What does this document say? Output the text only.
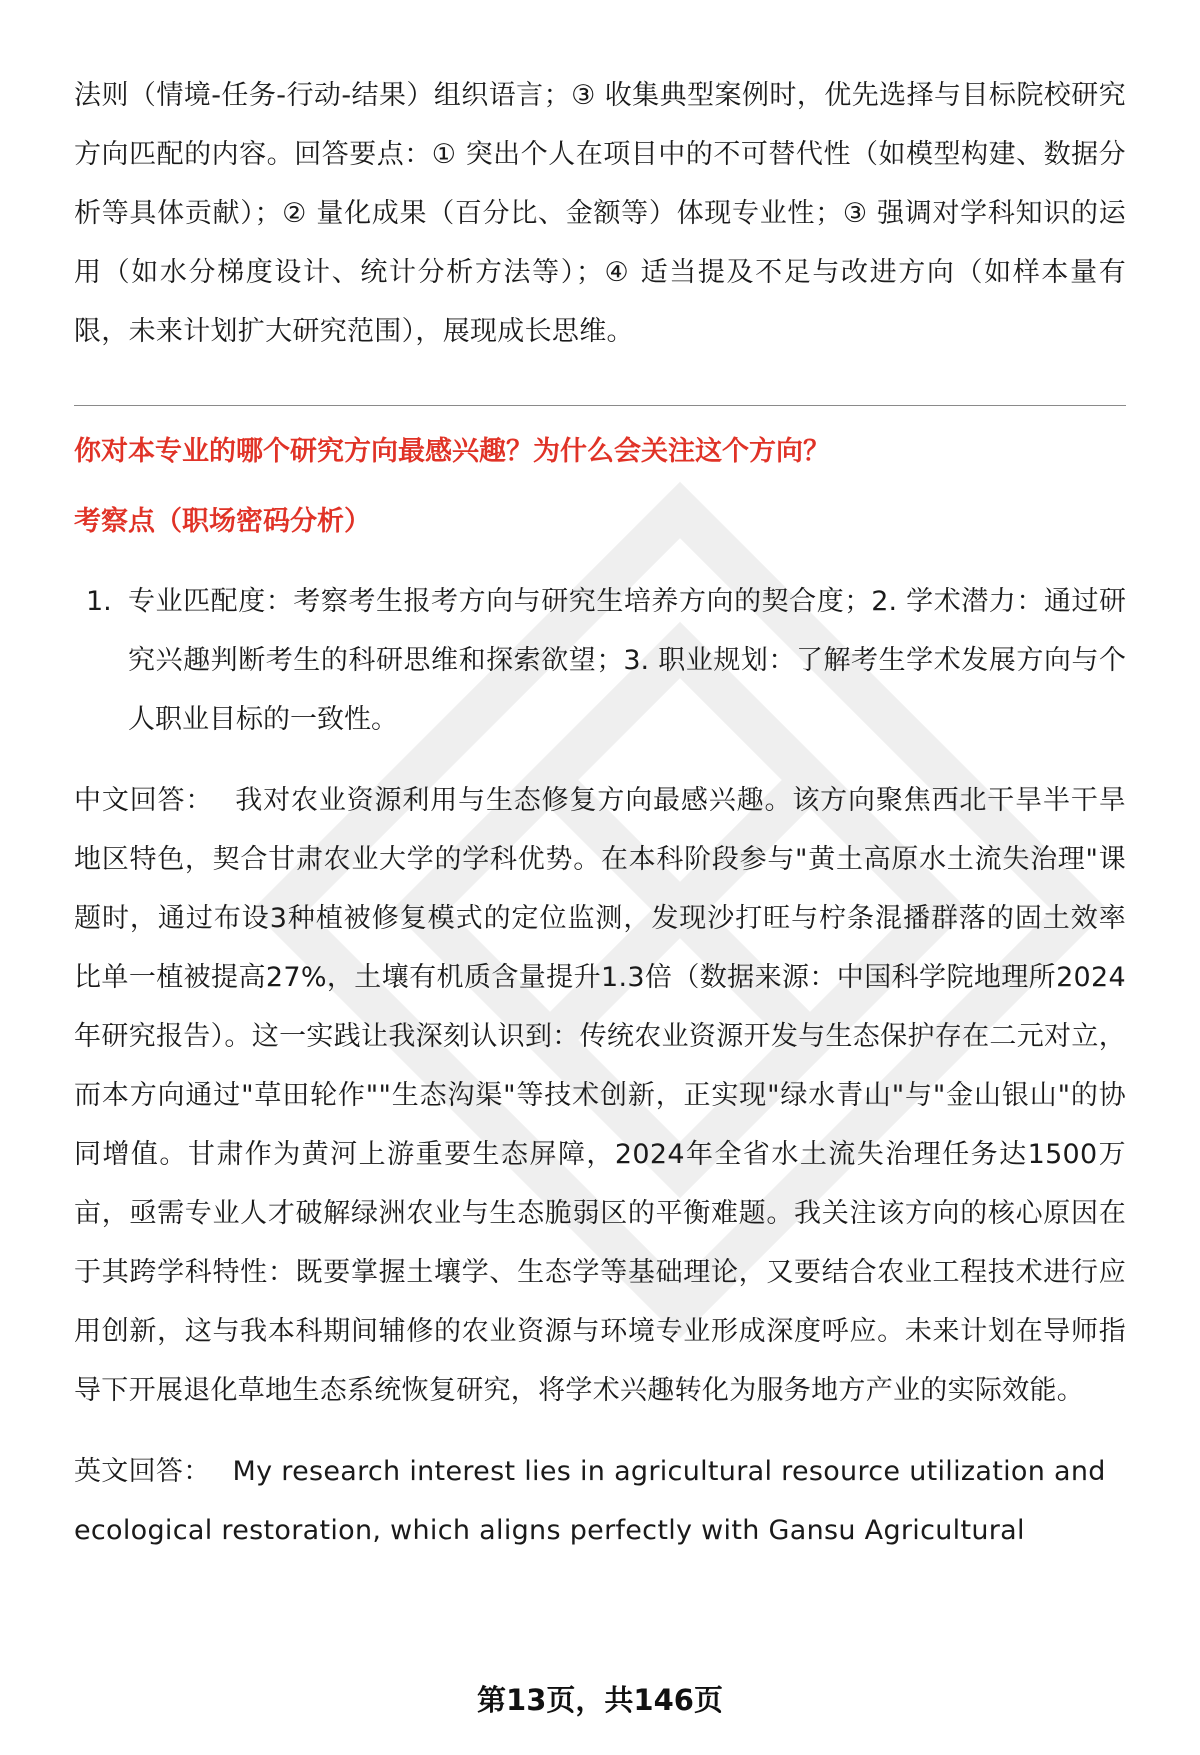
法则（情境-任务-行动-结果）组织语言；③ 收集典型案例时，优先选择与目标院校研究方向匹配的内容。回答要点：① 突出个人在项目中的不可替代性（如模型构建、数据分析等具体贡献）；② 量化成果（百分比、金额等）体现专业性；③ 强调对学科知识的运用（如水分梯度设计、统计分析方法等）；④ 适当提及不足与改进方向（如样本量有限，未来计划扩大研究范围），展现成长思维。

你对本专业的哪个研究方向最感兴趣？为什么会关注这个方向？

考察点（职场密码分析）

1. 专业匹配度：考察考生报考方向与研究生培养方向的契合度；2. 学术潜力：通过研究兴趣判断考生的科研思维和探索欲望；3. 职业规划：了解考生学术发展方向与个人职业目标的一致性。

中文回答： 我对农业资源利用与生态修复方向最感兴趣。该方向聚焦西北干旱半干旱地区特色，契合甘肃农业大学的学科优势。在本科阶段参与"黄土高原水土流失治理"课题时，通过布设3种植被修复模式的定位监测，发现沙打旺与柠条混播群落的固土效率比单一植被提高27%，土壤有机质含量提升1.3倍（数据来源：中国科学院地理所2024年研究报告）。这一实践让我深刻认识到：传统农业资源开发与生态保护存在二元对立，而本方向通过"草田轮作""生态沟渠"等技术创新，正实现"绿水青山"与"金山银山"的协同增值。甘肃作为黄河上游重要生态屏障，2024年全省水土流失治理任务达1500万亩，亟需专业人才破解绿洲农业与生态脆弱区的平衡难题。我关注该方向的核心原因在于其跨学科特性：既要掌握土壤学、生态学等基础理论，又要结合农业工程技术进行应用创新，这与我本科期间辅修的农业资源与环境专业形成深度呼应。未来计划在导师指导下开展退化草地生态系统恢复研究，将学术兴趣转化为服务地方产业的实际效能。

英文回答： My research interest lies in agricultural resource utilization and ecological restoration, which aligns perfectly with Gansu Agricultural

第13页，共146页
